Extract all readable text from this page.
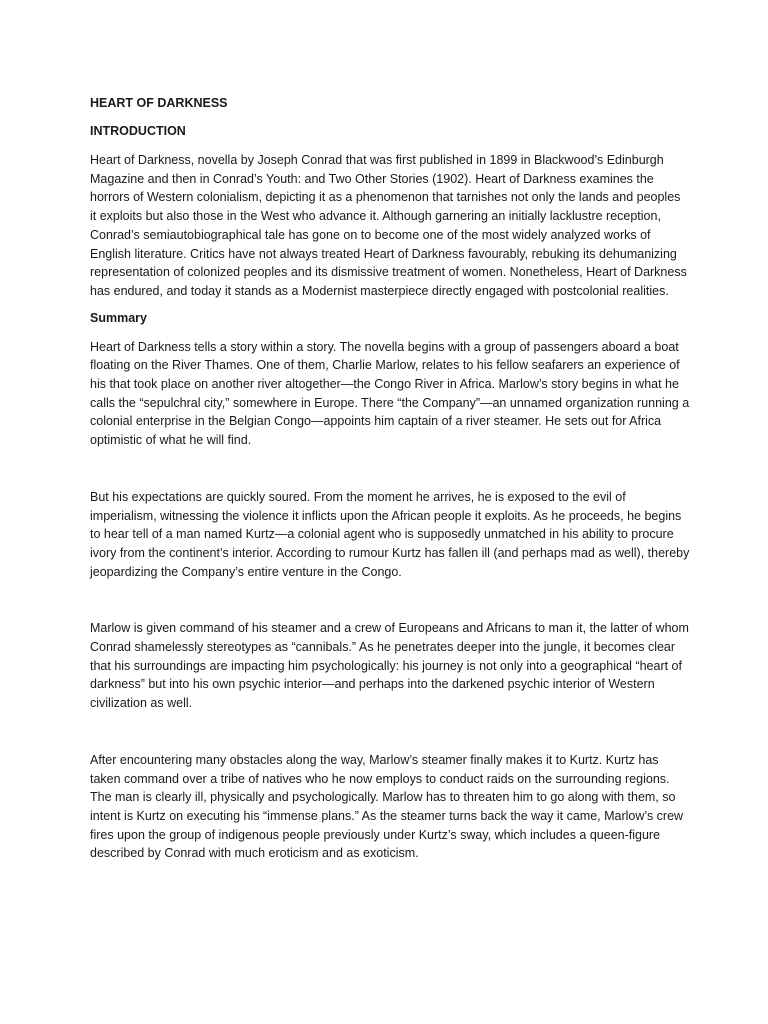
HEART OF DARKNESS

INTRODUCTION

Heart of Darkness, novella by Joseph Conrad that was first published in 1899 in Blackwood’s Edinburgh Magazine and then in Conrad’s Youth: and Two Other Stories (1902). Heart of Darkness examines the horrors of Western colonialism, depicting it as a phenomenon that tarnishes not only the lands and peoples it exploits but also those in the West who advance it. Although garnering an initially lacklustre reception, Conrad’s semiautobiographical tale has gone on to become one of the most widely analyzed works of English literature. Critics have not always treated Heart of Darkness favourably, rebuking its dehumanizing representation of colonized peoples and its dismissive treatment of women. Nonetheless, Heart of Darkness has endured, and today it stands as a Modernist masterpiece directly engaged with postcolonial realities.

Summary

Heart of Darkness tells a story within a story. The novella begins with a group of passengers aboard a boat floating on the River Thames. One of them, Charlie Marlow, relates to his fellow seafarers an experience of his that took place on another river altogether—the Congo River in Africa. Marlow’s story begins in what he calls the “sepulchral city,” somewhere in Europe. There “the Company”—an unnamed organization running a colonial enterprise in the Belgian Congo—appoints him captain of a river steamer. He sets out for Africa optimistic of what he will find.

But his expectations are quickly soured. From the moment he arrives, he is exposed to the evil of imperialism, witnessing the violence it inflicts upon the African people it exploits. As he proceeds, he begins to hear tell of a man named Kurtz—a colonial agent who is supposedly unmatched in his ability to procure ivory from the continent’s interior. According to rumour Kurtz has fallen ill (and perhaps mad as well), thereby jeopardizing the Company’s entire venture in the Congo.

Marlow is given command of his steamer and a crew of Europeans and Africans to man it, the latter of whom Conrad shamelessly stereotypes as “cannibals.” As he penetrates deeper into the jungle, it becomes clear that his surroundings are impacting him psychologically: his journey is not only into a geographical “heart of darkness” but into his own psychic interior—and perhaps into the darkened psychic interior of Western civilization as well.

After encountering many obstacles along the way, Marlow’s steamer finally makes it to Kurtz. Kurtz has taken command over a tribe of natives who he now employs to conduct raids on the surrounding regions. The man is clearly ill, physically and psychologically. Marlow has to threaten him to go along with them, so intent is Kurtz on executing his “immense plans.” As the steamer turns back the way it came, Marlow’s crew fires upon the group of indigenous people previously under Kurtz’s sway, which includes a queen-figure described by Conrad with much eroticism and as exoticism.
